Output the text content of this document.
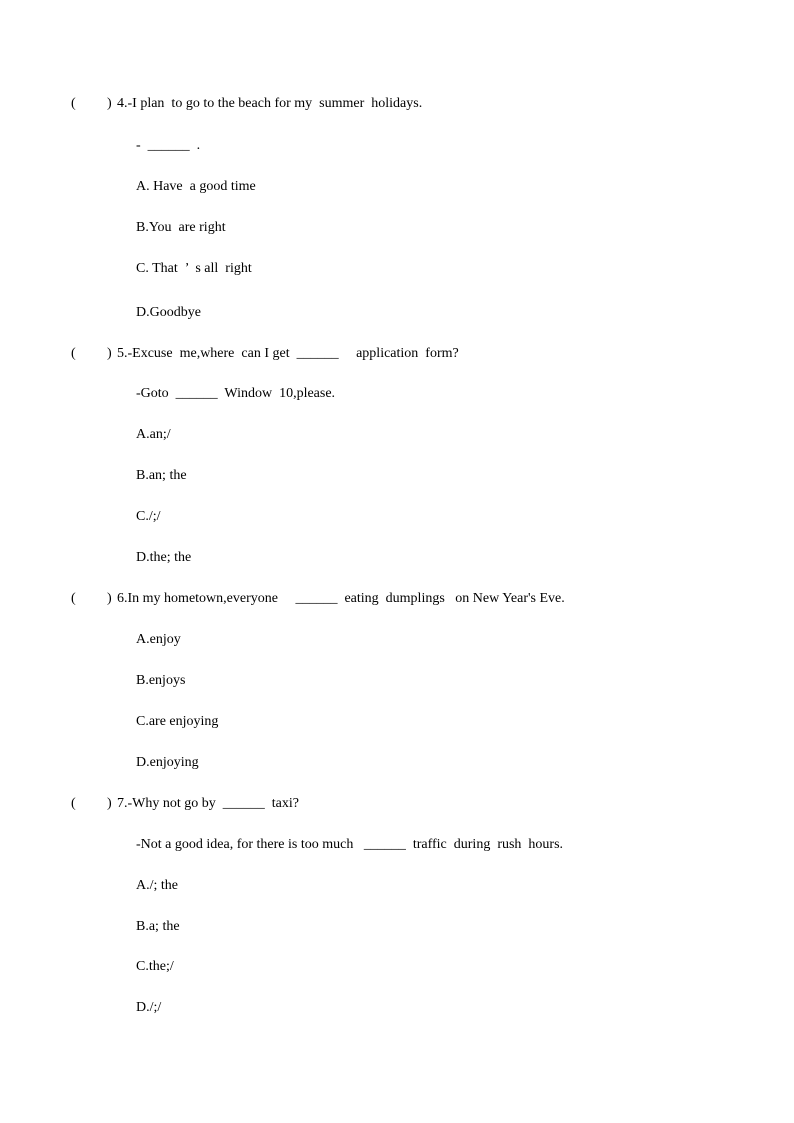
( ) 4.-I plan  to go to the beach for my  summer  holidays.
-  ______  .
A. Have  a good time
B.You  are right
C. That  ’  s all  right
D.Goodbye
( ) 5.-Excuse  me,where  can I get  ______     application  form?
-Goto  ______  Window  10,please.
A.an;/
B.an; the
C./;/
D.the; the
( ) 6.In my hometown,everyone     ______  eating  dumplings   on New Year's Eve.
A.enjoy
B.enjoys
C.are enjoying
D.enjoying
( ) 7.-Why not go by  ______  taxi?
-Not a good idea, for there is too much   ______  traffic  during  rush  hours.
A./; the
B.a; the
C.the;/
D./;/
